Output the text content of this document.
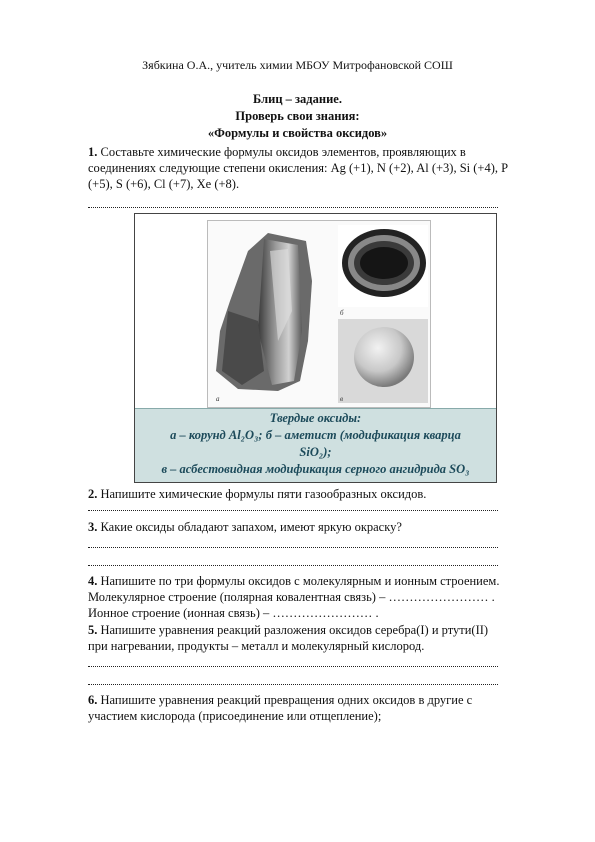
Зябкина О.А., учитель химии МБОУ Митрофановской СОШ
Блиц – задание.
Проверь свои знания:
«Формулы и свойства оксидов»
1. Составьте химические формулы оксидов элементов, проявляющих в
соединениях следующие степени окисления: Ag (+1), N (+2), Al (+3), Si (+4), P
(+5), S (+6), Cl (+7), Xe (+8).
а
б
в
Твердые оксиды:
а – корунд Al₂O₃; б – аметист (модификация кварца
SiO₂);
в – асбестовидная модификация серного ангидрида SO₃
2. Напишите химические формулы пяти газообразных оксидов.
3. Какие оксиды обладают запахом, имеют яркую окраску?
4. Напишите по три формулы оксидов с молекулярным и ионным строением.
Молекулярное строение (полярная ковалентная связь) – …………………… .
Ионное строение (ионная связь) – …………………… .
5. Напишите уравнения реакций разложения оксидов серебра(I) и ртути(II)
при нагревании, продукты – металл и молекулярный кислород.
6. Напишите уравнения реакций превращения одних оксидов в другие с
участием кислорода (присоединение или отщепление);
